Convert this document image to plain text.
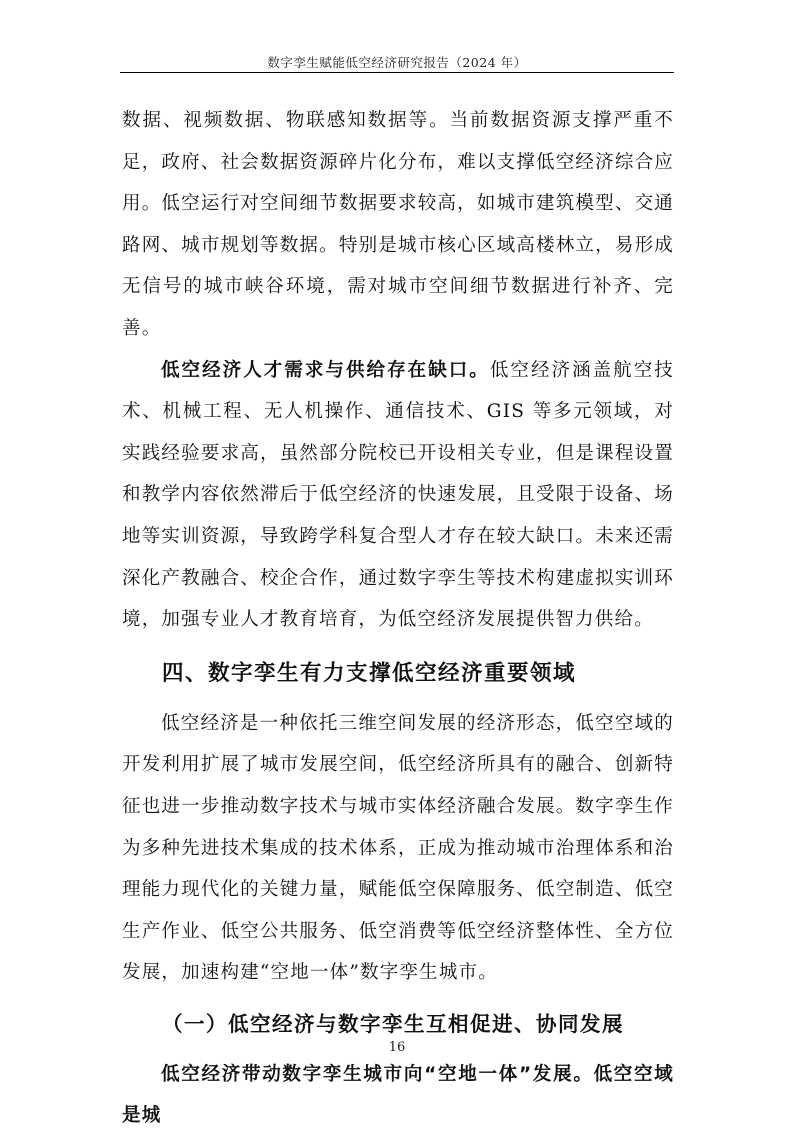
数字孪生赋能低空经济研究报告（2024 年）

数据、视频数据、物联感知数据等。当前数据资源支撑严重不足，政府、社会数据资源碎片化分布，难以支撑低空经济综合应用。低空运行对空间细节数据要求较高，如城市建筑模型、交通路网、城市规划等数据。特别是城市核心区域高楼林立，易形成无信号的城市峡谷环境，需对城市空间细节数据进行补齐、完善。

低空经济人才需求与供给存在缺口。低空经济涵盖航空技术、机械工程、无人机操作、通信技术、GIS 等多元领域，对实践经验要求高，虽然部分院校已开设相关专业，但是课程设置和教学内容依然滞后于低空经济的快速发展，且受限于设备、场地等实训资源，导致跨学科复合型人才存在较大缺口。未来还需深化产教融合、校企合作，通过数字孪生等技术构建虚拟实训环境，加强专业人才教育培育，为低空经济发展提供智力供给。

四、数字孪生有力支撑低空经济重要领域

低空经济是一种依托三维空间发展的经济形态，低空空域的开发利用扩展了城市发展空间，低空经济所具有的融合、创新特征也进一步推动数字技术与城市实体经济融合发展。数字孪生作为多种先进技术集成的技术体系，正成为推动城市治理体系和治理能力现代化的关键力量，赋能低空保障服务、低空制造、低空生产作业、低空公共服务、低空消费等低空经济整体性、全方位发展，加速构建“空地一体”数字孪生城市。

（一）低空经济与数字孪生互相促进、协同发展

低空经济带动数字孪生城市向“空地一体”发展。低空空域是城

16
